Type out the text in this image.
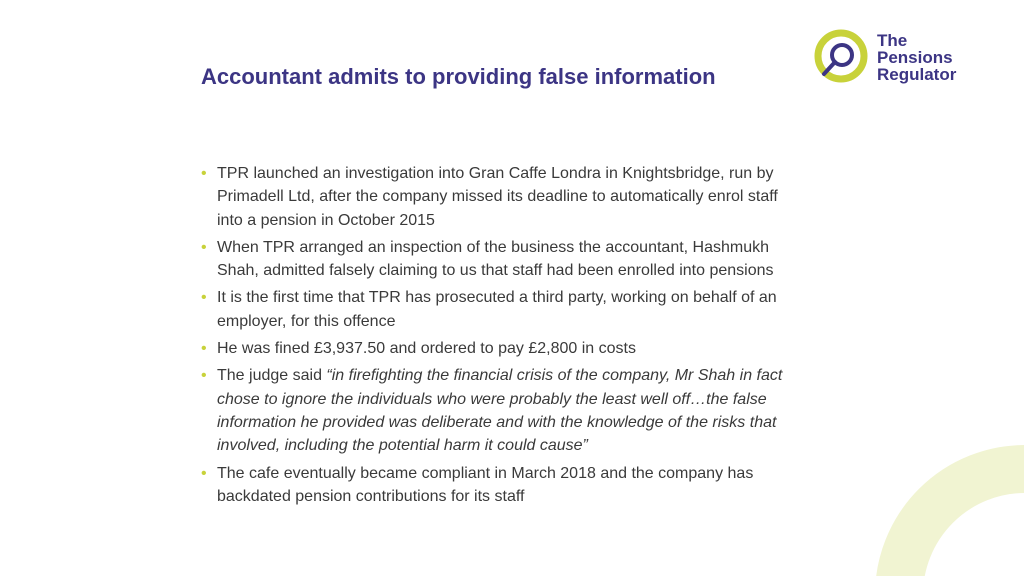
The
Pensions
Regulator

Accountant admits to providing false information
• TPR launched an investigation into Gran Caffe Londra in Knightsbridge, run by Primadell Ltd, after the company missed its deadline to automatically enrol staff into a pension in October 2015
• When TPR arranged an inspection of the business the accountant, Hashmukh Shah, admitted falsely claiming to us that staff had been enrolled into pensions
• It is the first time that TPR has prosecuted a third party, working on behalf of an employer, for this offence
• He was fined £3,937.50 and ordered to pay £2,800 in costs
• The judge said “in firefighting the financial crisis of the company, Mr Shah in fact chose to ignore the individuals who were probably the least well off…the false information he provided was deliberate and with the knowledge of the risks that involved, including the potential harm it could cause”
• The cafe eventually became compliant in March 2018 and the company has backdated pension contributions for its staff
